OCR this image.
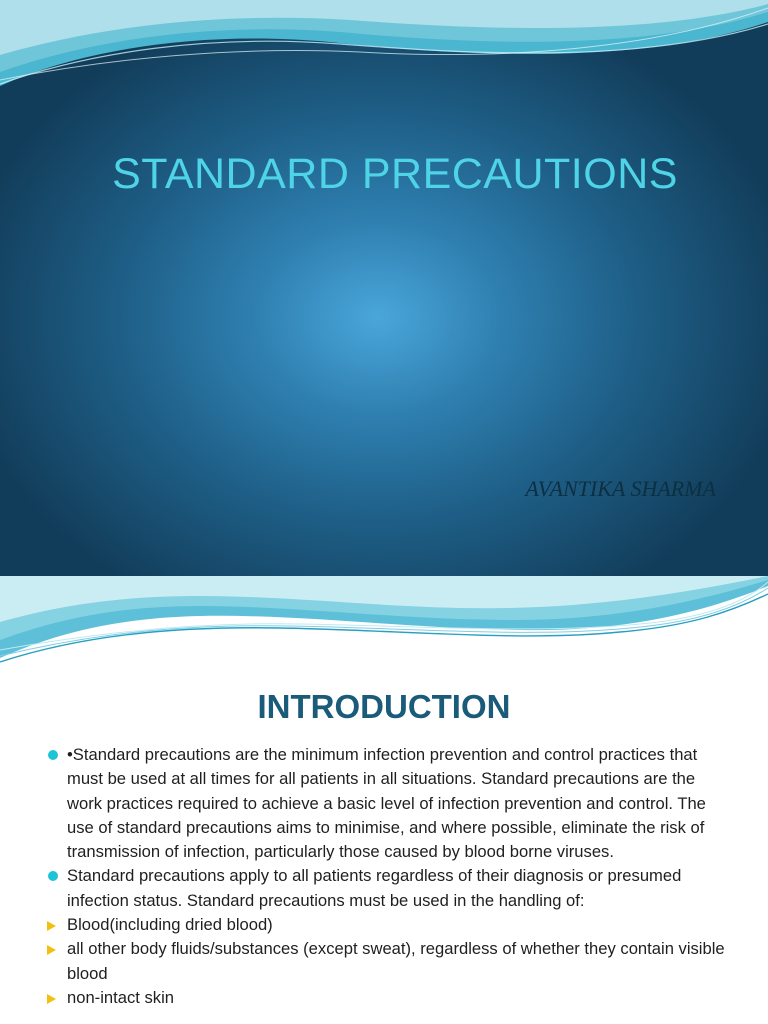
STANDARD PRECAUTIONS
AVANTIKA SHARMA
INTRODUCTION
•Standard precautions are the minimum infection prevention and control practices that must be used at all times for all patients in all situations. Standard precautions are the work practices required to achieve a basic level of infection prevention and control. The use of standard precautions aims to minimise, and where possible, eliminate the risk of transmission of infection, particularly those caused by blood borne viruses.
Standard precautions apply to all patients regardless of their diagnosis or presumed infection status. Standard precautions must be used in the handling of:
Blood(including dried blood)
all other body fluids/substances (except sweat), regardless of whether they contain visible blood
non-intact skin
